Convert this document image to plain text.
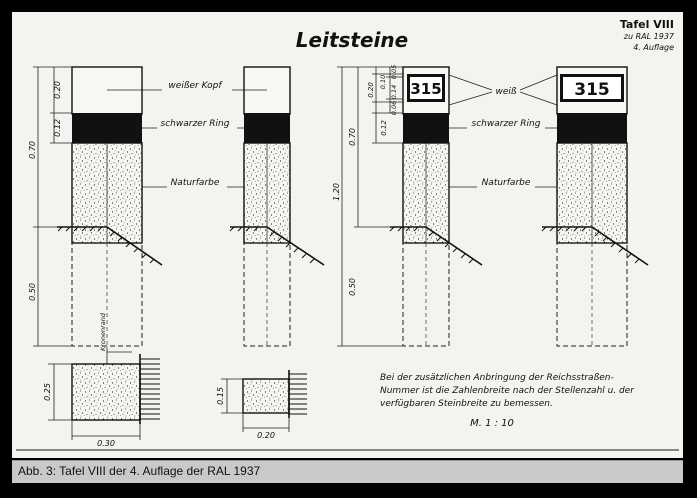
Leitsteine
Tafel VIII
zu RAL 1937
4. Auflage
0.20
0.12
0.70
0.50
weißer Kopf
schwarzer Ring
Naturfarbe
315	315
weiß
schwarzer Ring
Naturfarbe
0.05
0.10
0.20 0.14
0.06
0.12
0.70
1.20
0.50
Kronenrand
0.25
0.30
0.15
0.20
Bei der zusätzlichen Anbringung der Reichsstraßen-
Nummer ist die Zahlenbreite nach der Stellenzahl u. der
verfügbaren Steinbreite zu bemessen.
M. 1 : 10
Abb. 3: Tafel VIII der 4. Auflage der RAL 1937
